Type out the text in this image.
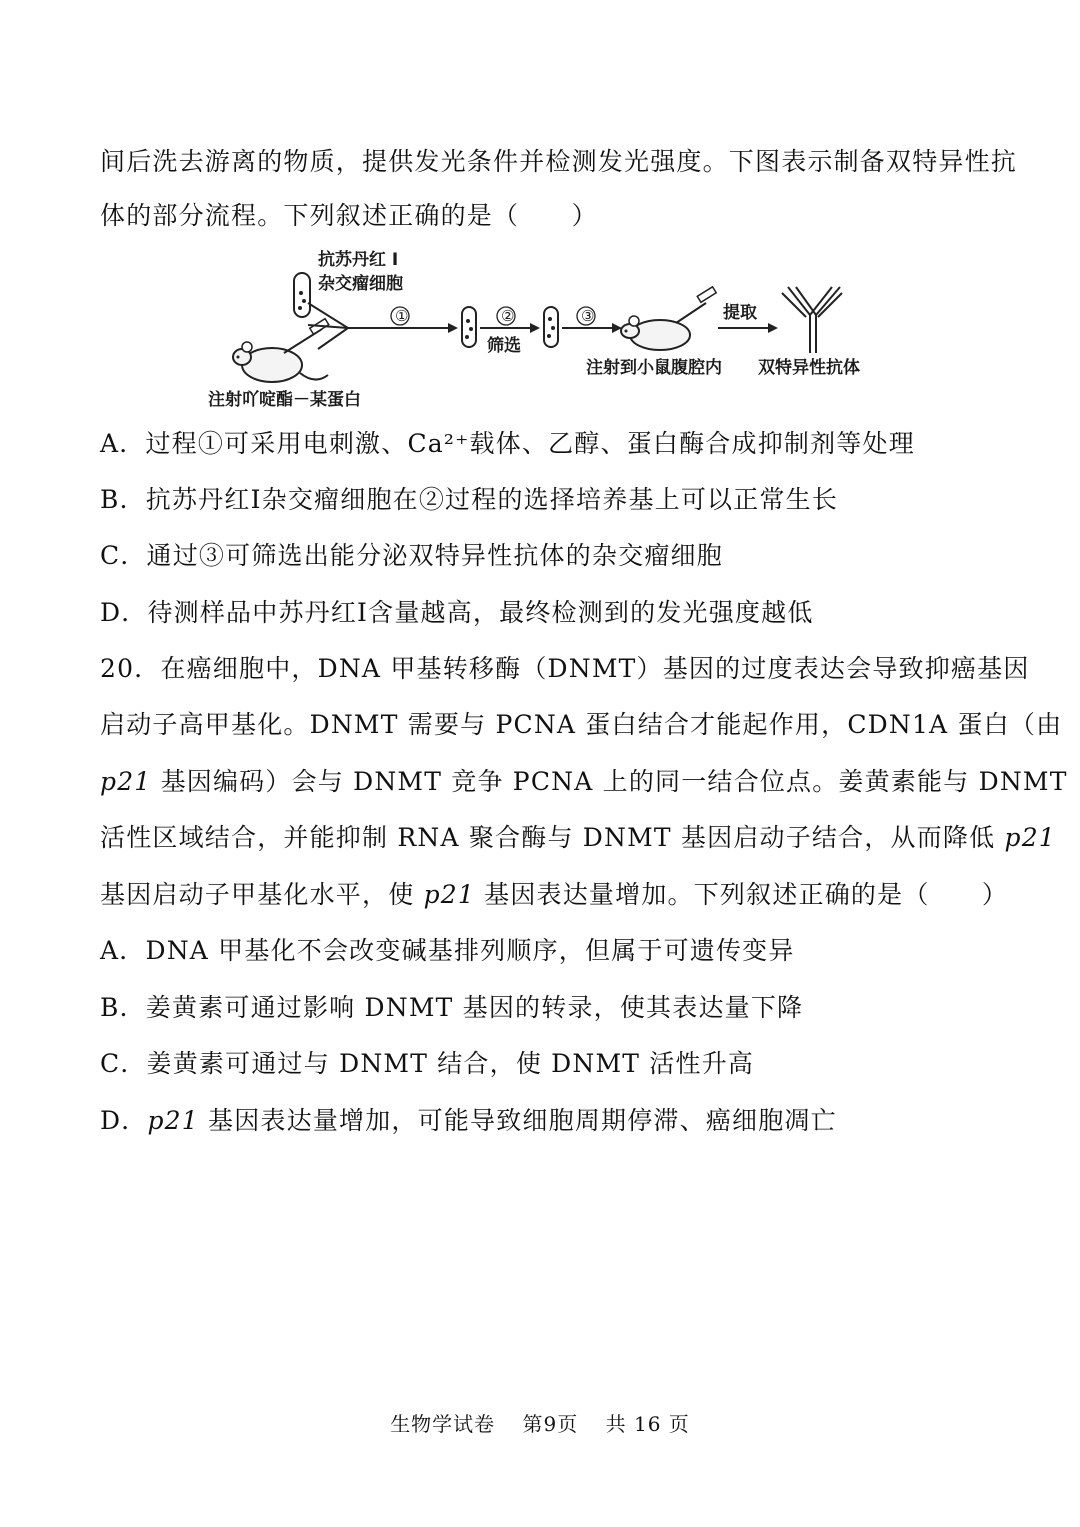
间后洗去游离的物质，提供发光条件并检测发光强度。下图表示制备双特异性抗
体的部分流程。下列叙述正确的是（　　）
抗苏丹红 I
杂交瘤细胞
①	②
筛选
③
注射到小鼠腹腔内
提取
双特异性抗体
注射吖啶酯－某蛋白
A．过程①可采用电刺激、Ca²⁺载体、乙醇、蛋白酶合成抑制剂等处理
B．抗苏丹红I杂交瘤细胞在②过程的选择培养基上可以正常生长
C．通过③可筛选出能分泌双特异性抗体的杂交瘤细胞
D．待测样品中苏丹红I含量越高，最终检测到的发光强度越低
20．在癌细胞中，DNA 甲基转移酶（DNMT）基因的过度表达会导致抑癌基因
启动子高甲基化。DNMT 需要与 PCNA 蛋白结合才能起作用，CDN1A 蛋白（由
p21 基因编码）会与 DNMT 竞争 PCNA 上的同一结合位点。姜黄素能与 DNMT
活性区域结合，并能抑制 RNA 聚合酶与 DNMT 基因启动子结合，从而降低 p21
基因启动子甲基化水平，使 p21 基因表达量增加。下列叙述正确的是（　　）
A．DNA 甲基化不会改变碱基排列顺序，但属于可遗传变异
B．姜黄素可通过影响 DNMT 基因的转录，使其表达量下降
C．姜黄素可通过与 DNMT 结合，使 DNMT 活性升高
D．p21 基因表达量增加，可能导致细胞周期停滞、癌细胞凋亡
生物学试卷 第9页 共 16 页
